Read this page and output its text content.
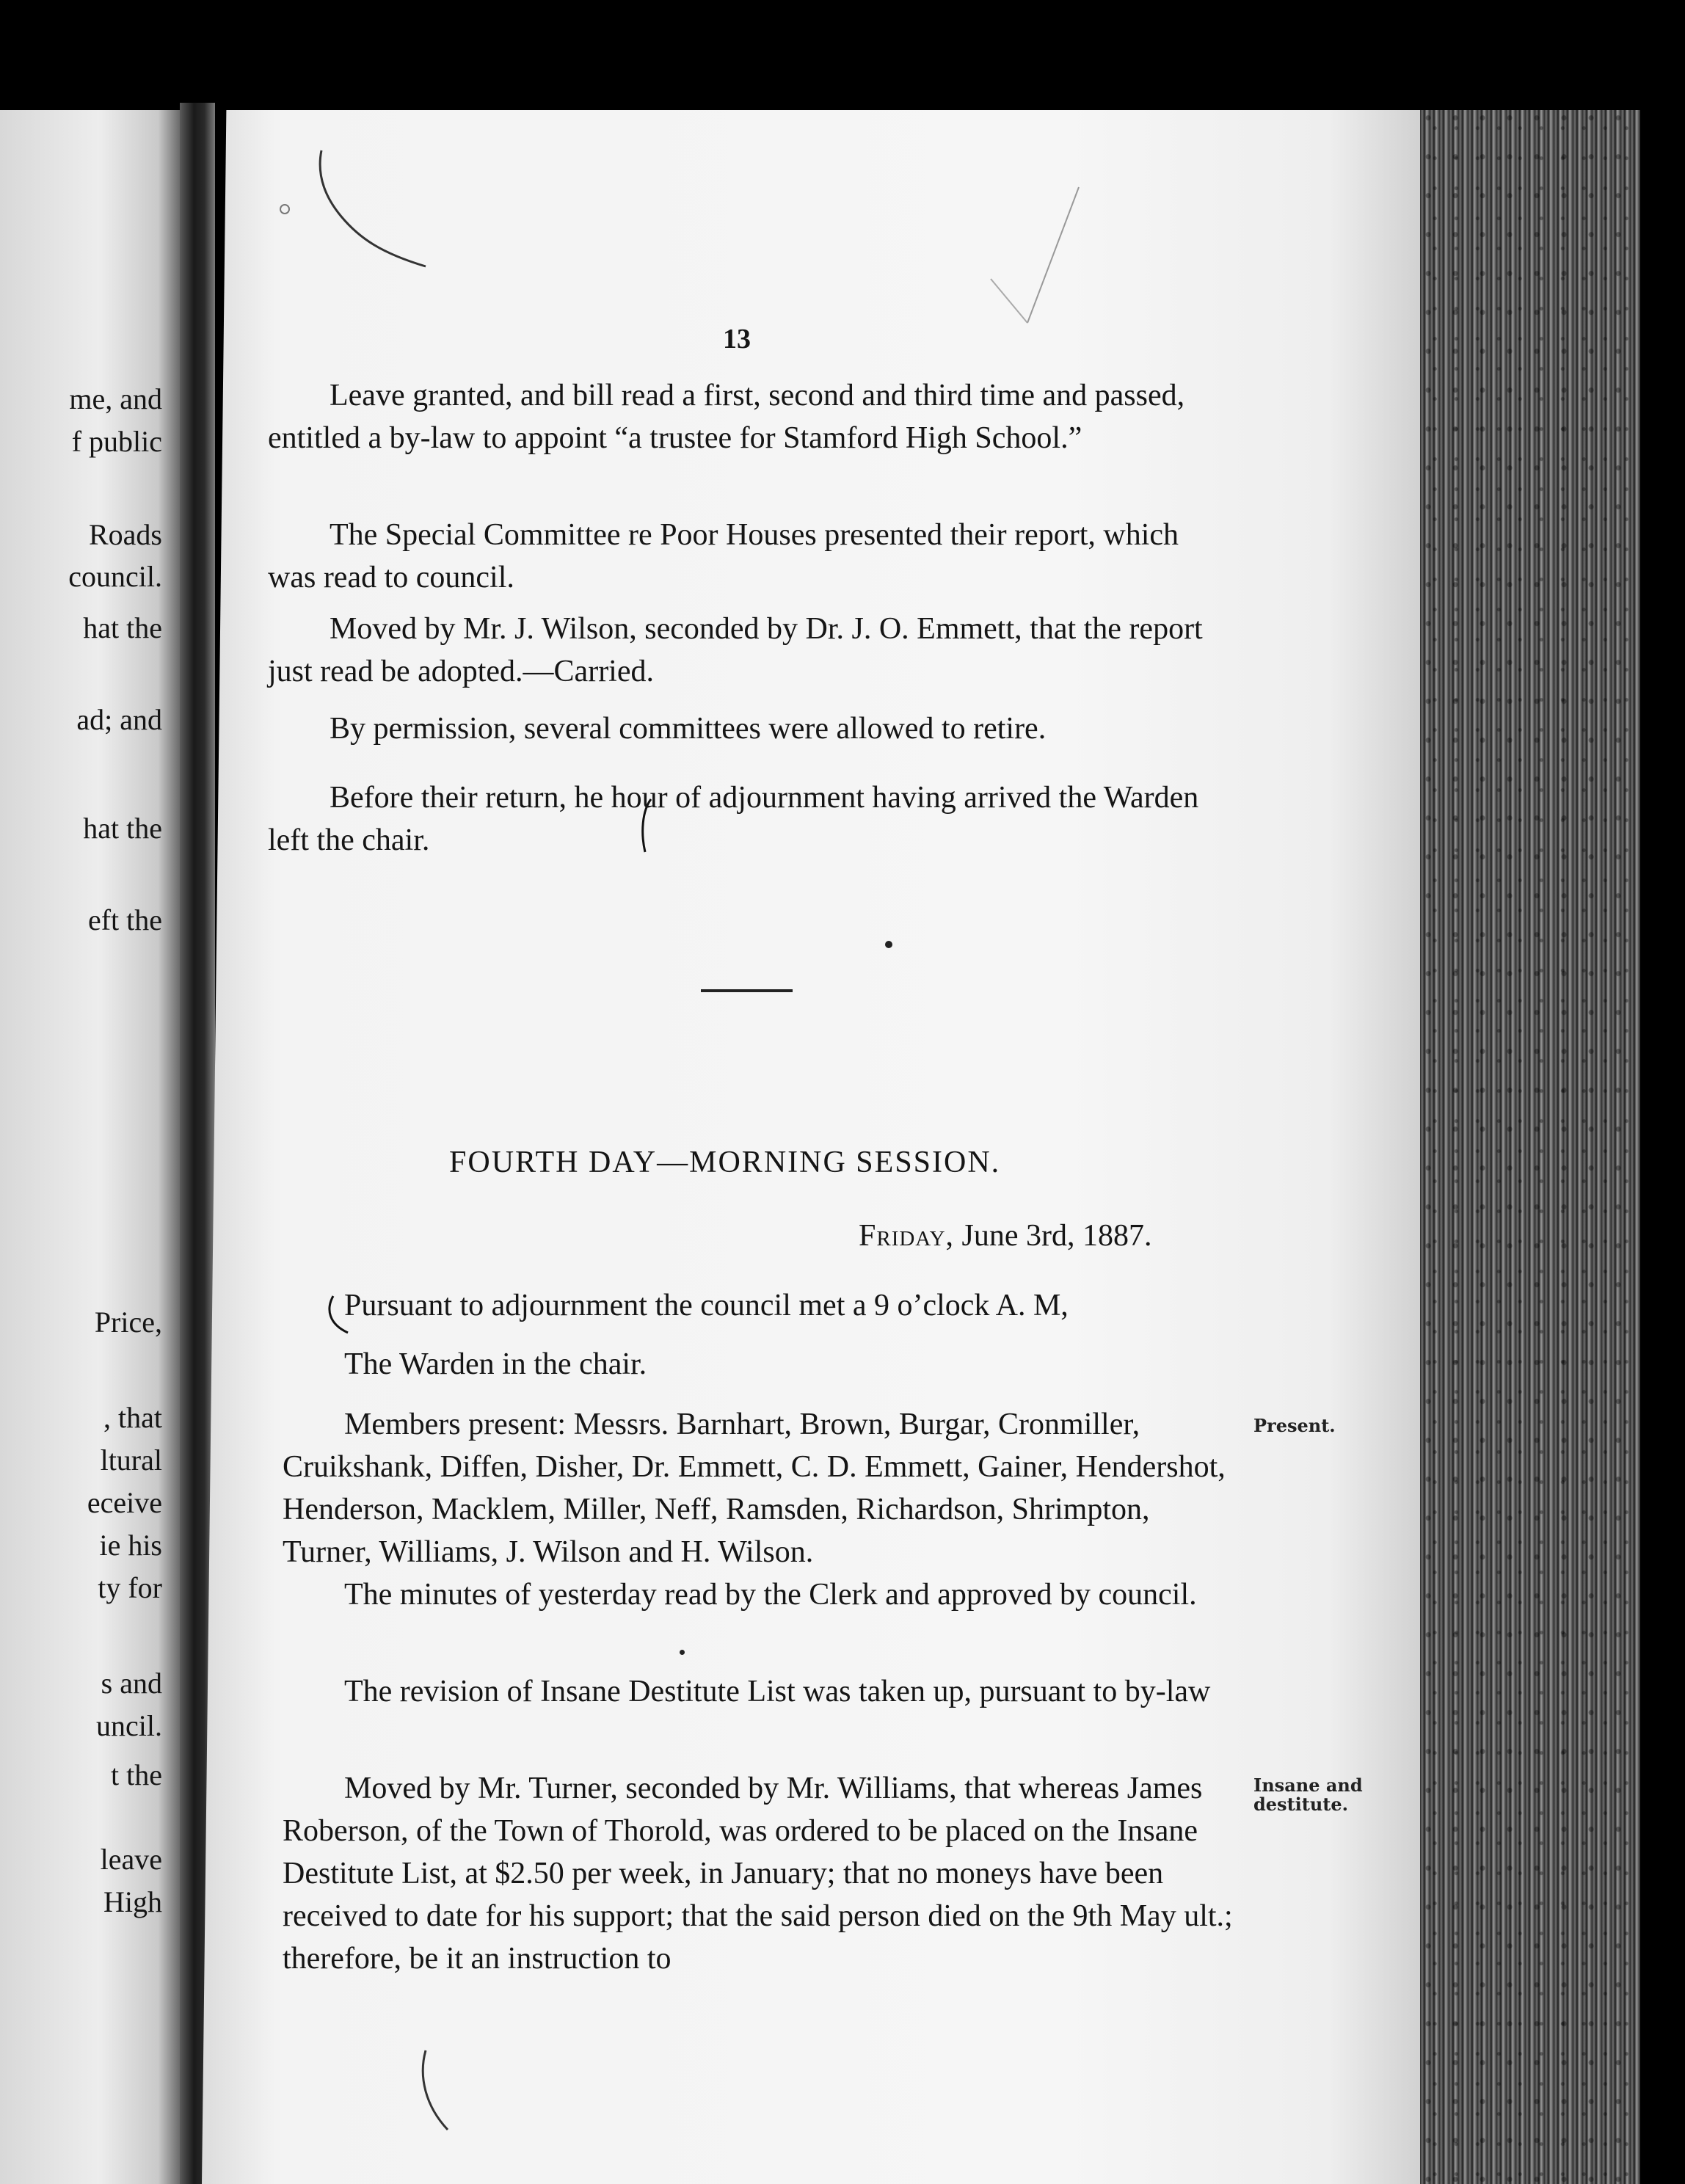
me, and
f public
Roads
council.
hat the
ad; and
hat the
eft the
Price,
, that
ltural
eceive
ie his
ty for
s and
uncil.
t the
leave
High
13

Leave granted, and bill read a first, second and third time and passed, entitled a by-law to appoint “a trustee for Stamford High School.”

The Special Committee re Poor Houses presented their report, which was read to council.

Moved by Mr. J. Wilson, seconded by Dr. J. O. Emmett, that the report just read be adopted.—Carried.

By permission, several committees were allowed to retire.

Before their return, he hour of adjournment having arrived the Warden left the chair.

FOURTH DAY—MORNING SESSION.
Friday, June 3rd, 1887.

Pursuant to adjournment the council met a 9 o’clock A. M,

The Warden in the chair.

Members present: Messrs. Barnhart, Brown, Burgar, Cronmiller, Cruikshank, Diffen, Disher, Dr. Emmett, C. D. Emmett, Gainer, Hendershot, Henderson, Macklem, Miller, Neff, Ramsden, Richardson, Shrimpton, Turner, Williams, J. Wilson and H. Wilson.

The minutes of yesterday read by the Clerk and approved by council.

The revision of Insane Destitute List was taken up, pursuant to by-law

Moved by Mr. Turner, seconded by Mr. Williams, that whereas James Roberson, of the Town of Thorold, was ordered to be placed on the Insane Destitute List, at $2.50 per week, in January; that no moneys have been received to date for his support; that the said person died on the 9th May ult.; therefore, be it an instruction to

Present.
Insane and
destitute.
